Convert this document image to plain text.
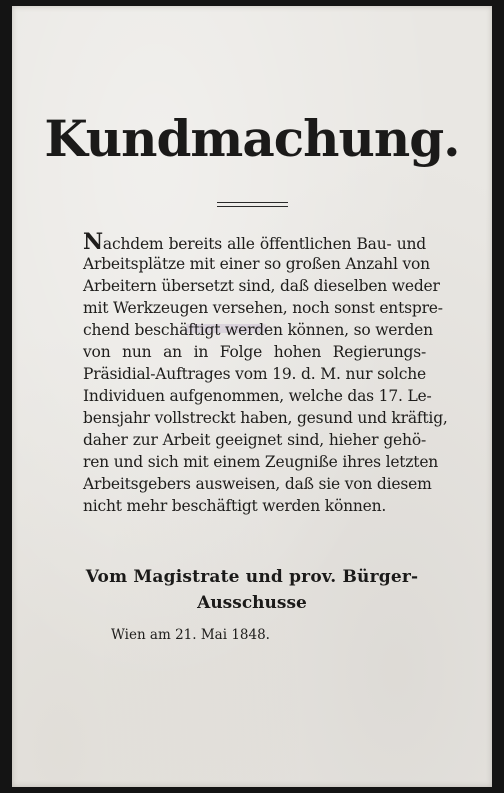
Kundmachung.
Nachdem bereits alle öffentlichen Bau- und
Arbeitsplätze mit einer so großen Anzahl von
Arbeitern übersetzt sind, daß dieselben weder
mit Werkzeugen versehen, noch sonst entspre-
chend beschäftigt werden können, so werden
von nun an in Folge hohen Regierungs-
Präsidial-Auftrages vom 19. d. M. nur solche
Individuen aufgenommen, welche das 17. Le-
bensjahr vollstreckt haben, gesund und kräftig,
daher zur Arbeit geeignet sind, hieher gehö-
ren und sich mit einem Zeugniße ihres letzten
Arbeitsgebers ausweisen, daß sie von diesem
nicht mehr beschäftigt werden können.
Vom Magistrate und prov. Bürger-
Ausschusse
Wien am 21. Mai 1848.
